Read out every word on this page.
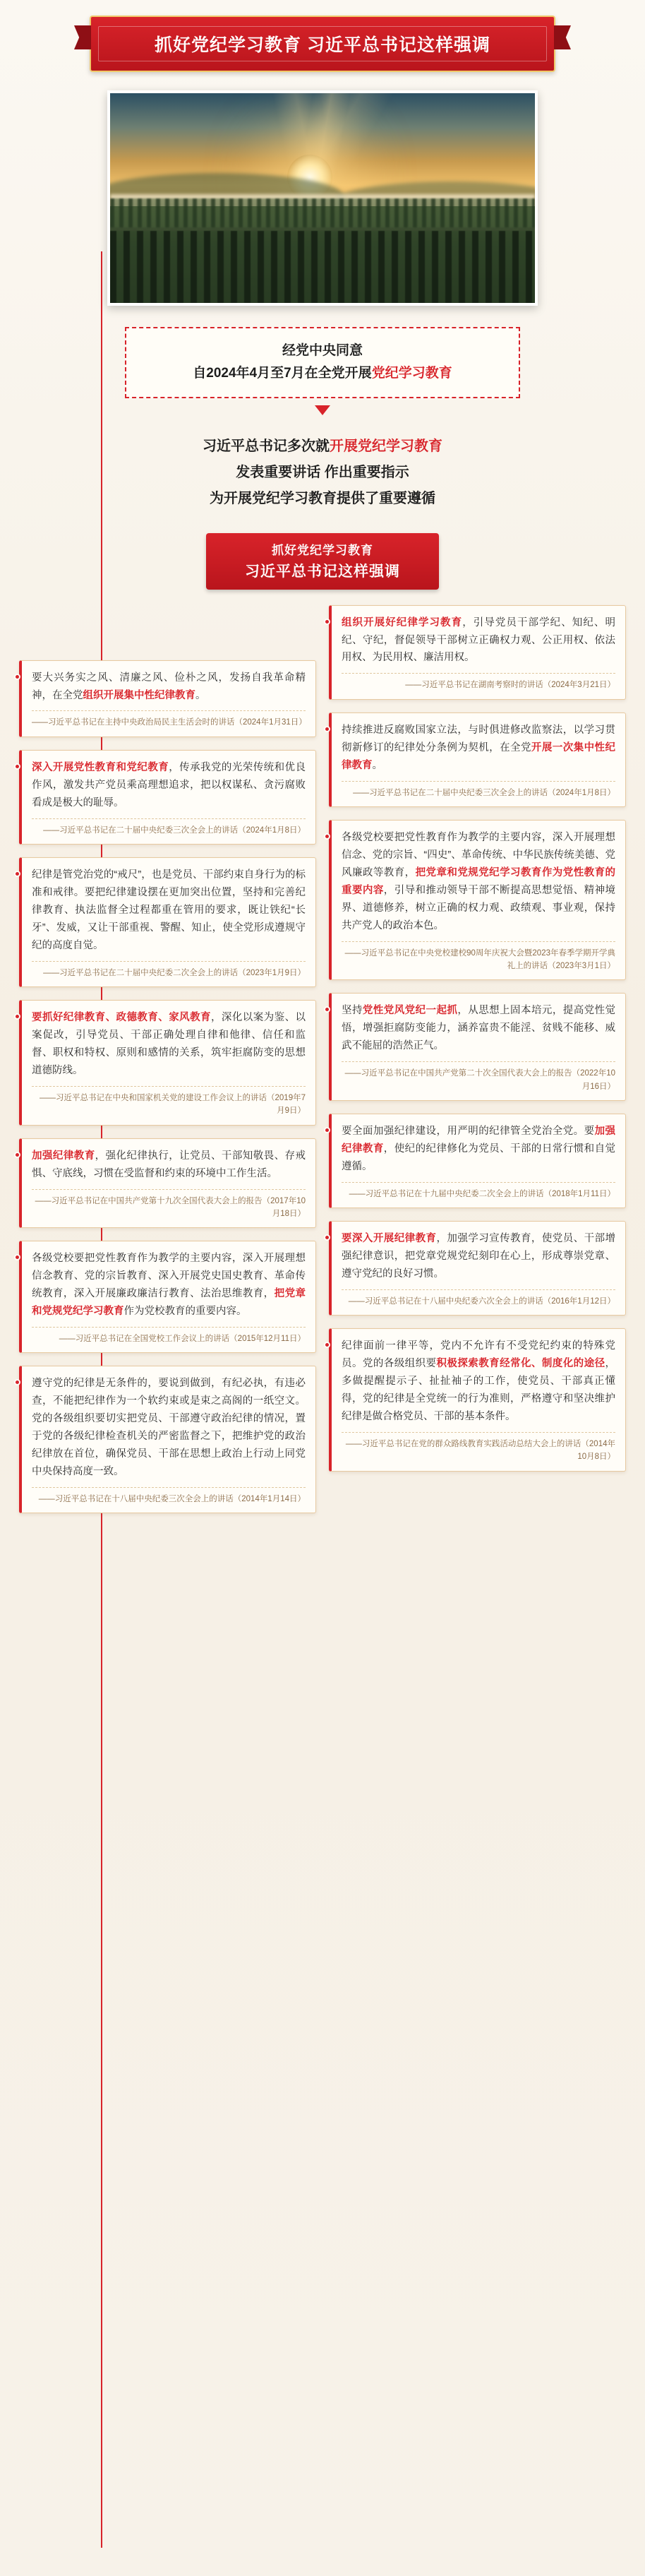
抓好党纪学习教育 习近平总书记这样强调
经党中央同意
自2024年4月至7月在全党开展党纪学习教育
习近平总书记多次就开展党纪学习教育
发表重要讲话 作出重要指示
为开展党纪学习教育提供了重要遵循
抓好党纪学习教育
习近平总书记这样强调
要大兴务实之风、清廉之风、俭朴之风，发扬自我革命精神，在全党组织开展集中性纪律教育。
——习近平总书记在主持中央政治局民主生活会时的讲话（2024年1月31日）
深入开展党性教育和党纪教育，传承我党的光荣传统和优良作风，激发共产党员乘高理想追求，把以权谋私、贪污腐败看成是极大的耻辱。
——习近平总书记在二十届中央纪委三次全会上的讲话（2024年1月8日）
纪律是管党治党的“戒尺”，也是党员、干部约束自身行为的标准和戒律。要把纪律建设摆在更加突出位置，坚持和完善纪律教育、执法监督全过程都重在管用的要求，既让铁纪“长牙”、发威，又让干部重视、警醒、知止，使全党形成遵规守纪的高度自觉。
——习近平总书记在二十届中央纪委二次全会上的讲话（2023年1月9日）
要抓好纪律教育、政德教育、家风教育，深化以案为鉴、以案促改，引导党员、干部正确处理自律和他律、信任和监督、职权和特权、原则和感情的关系，筑牢拒腐防变的思想道德防线。
——习近平总书记在中央和国家机关党的建设工作会议上的讲话（2019年7月9日）
加强纪律教育，强化纪律执行，让党员、干部知敬畏、存戒惧、守底线，习惯在受监督和约束的环境中工作生活。
——习近平总书记在中国共产党第十九次全国代表大会上的报告（2017年10月18日）
各级党校要把党性教育作为教学的主要内容，深入开展理想信念教育、党的宗旨教育、深入开展党史国史教育、革命传统教育，深入开展廉政廉洁行教育、法治思维教育，把党章和党规党纪学习教育作为党校教育的重要内容。
——习近平总书记在全国党校工作会议上的讲话（2015年12月11日）
遵守党的纪律是无条件的，要说到做到，有纪必执，有违必查，不能把纪律作为一个软约束或是束之高阁的一纸空文。党的各级组织要切实把党员、干部遵守政治纪律的情况，置于党的各级纪律检查机关的严密监督之下，把维护党的政治纪律放在首位，确保党员、干部在思想上政治上行动上同党中央保持高度一致。
——习近平总书记在十八届中央纪委三次全会上的讲话（2014年1月14日）
组织开展好纪律学习教育，引导党员干部学纪、知纪、明纪、守纪，督促领导干部树立正确权力观、公正用权、依法用权、为民用权、廉洁用权。
——习近平总书记在湖南考察时的讲话（2024年3月21日）
持续推进反腐败国家立法，与时俱进修改监察法，以学习贯彻新修订的纪律处分条例为契机，在全党开展一次集中性纪律教育。
——习近平总书记在二十届中央纪委三次全会上的讲话（2024年1月8日）
各级党校要把党性教育作为教学的主要内容，深入开展理想信念、党的宗旨、“四史”、革命传统、中华民族传统美德、党风廉政等教育，把党章和党规党纪学习教育作为党性教育的重要内容，引导和推动领导干部不断提高思想觉悟、精神境界、道德修养，树立正确的权力观、政绩观、事业观，保持共产党人的政治本色。
——习近平总书记在中央党校建校90周年庆祝大会暨2023年春季学期开学典礼上的讲话（2023年3月1日）
坚持党性党风党纪一起抓，从思想上固本培元，提高党性觉悟，增强拒腐防变能力，涵养富贵不能淫、贫贱不能移、威武不能屈的浩然正气。
——习近平总书记在中国共产党第二十次全国代表大会上的报告（2022年10月16日）
要全面加强纪律建设，用严明的纪律管全党治全党。要加强纪律教育，使纪的纪律修化为党员、干部的日常行惯和自觉遵循。
——习近平总书记在十九届中央纪委二次全会上的讲话（2018年1月11日）
要深入开展纪律教育，加强学习宣传教育，使党员、干部增强纪律意识，把党章党规党纪刻印在心上，形成尊崇党章、遵守党纪的良好习惯。
——习近平总书记在十八届中央纪委六次全会上的讲话（2016年1月12日）
纪律面前一律平等，党内不允许有不受党纪约束的特殊党员。党的各级组织要积极探索教育经常化、制度化的途径，多做提醒提示子、扯扯袖子的工作，使党员、干部真正懂得，党的纪律是全党统一的行为准则，严格遵守和坚决维护纪律是做合格党员、干部的基本条件。
——习近平总书记在党的群众路线教育实践活动总结大会上的讲话（2014年10月8日）
